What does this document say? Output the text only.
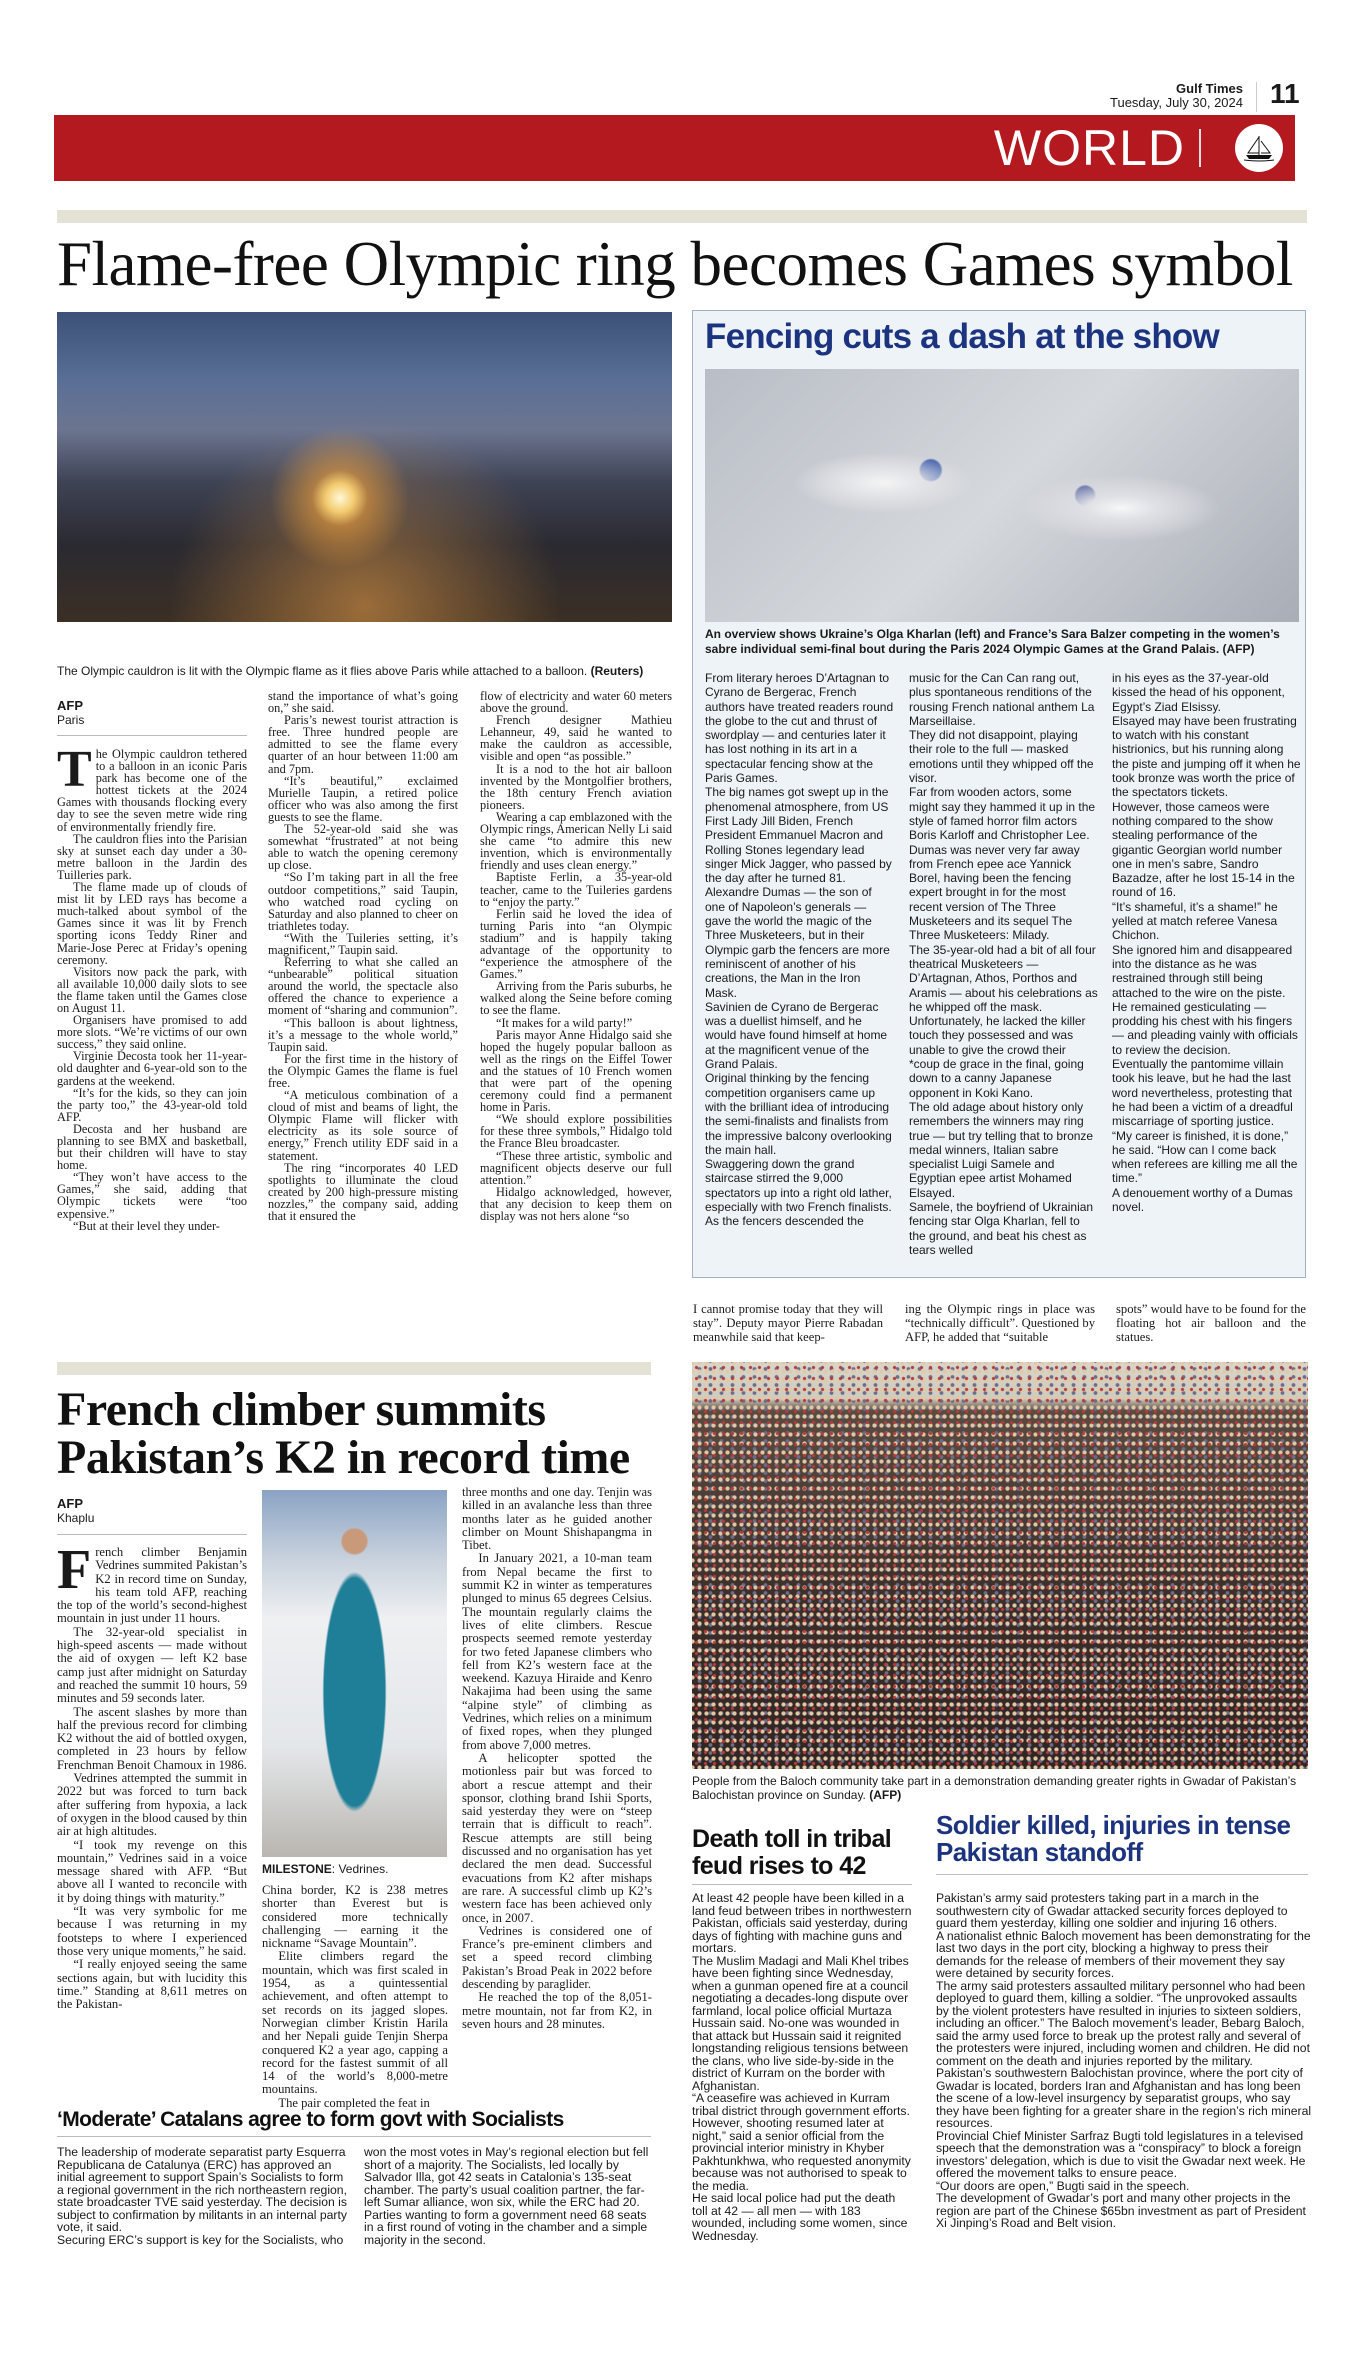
Gulf Times
Tuesday, July 30, 2024 11
WORLD
Flame-free Olympic ring becomes Games symbol
The Olympic cauldron is lit with the Olympic flame as it flies above Paris while attached to a balloon. (Reuters)
AFP
Paris

The Olympic cauldron tethered to a balloon in an iconic Paris park has become one of the hottest tickets at the 2024 Games with thousands flocking every day to see the seven metre wide ring of environmentally friendly fire.

The cauldron flies into the Parisian sky at sunset each day under a 30-metre balloon in the Jardin des Tuilleries park.

The flame made up of clouds of mist lit by LED rays has become a much-talked about symbol of the Games since it was lit by French sporting icons Teddy Riner and Marie-Jose Perec at Friday’s opening ceremony.

Visitors now pack the park, with all available 10,000 daily slots to see the flame taken until the Games close on August 11.

Organisers have promised to add more slots. “We’re victims of our own success,” they said online.

Virginie Decosta took her 11-year-old daughter and 6-year-old son to the gardens at the weekend.

“It’s for the kids, so they can join the party too,” the 43-year-old told AFP.

Decosta and her husband are planning to see BMX and basketball, but their children will have to stay home.

“They won’t have access to the Games,” she said, adding that Olympic tickets were “too expensive.”

“But at their level they under-

stand the importance of what’s going on,” she said.

Paris’s newest tourist attraction is free. Three hundred people are admitted to see the flame every quarter of an hour between 11:00 am and 7pm.

“It’s beautiful,” exclaimed Murielle Taupin, a retired police officer who was also among the first guests to see the flame.

The 52-year-old said she was somewhat “frustrated” at not being able to watch the opening ceremony up close.

“So I’m taking part in all the free outdoor competitions,” said Taupin, who watched road cycling on Saturday and also planned to cheer on triathletes today.

“With the Tuileries setting, it’s magnificent,” Taupin said.

Referring to what she called an “unbearable” political situation around the world, the spectacle also offered the chance to experience a moment of “sharing and communion”.

“This balloon is about lightness, it’s a message to the whole world,” Taupin said.

For the first time in the history of the Olympic Games the flame is fuel free.

“A meticulous combination of a cloud of mist and beams of light, the Olympic Flame will flicker with electricity as its sole source of energy,” French utility EDF said in a statement.

The ring “incorporates 40 LED spotlights to illuminate the cloud created by 200 high-pressure misting nozzles,” the company said, adding that it ensured the

flow of electricity and water 60 meters above the ground.

French designer Mathieu Lehanneur, 49, said he wanted to make the cauldron as accessible, visible and open “as possible.”

It is a nod to the hot air balloon invented by the Montgolfier brothers, the 18th century French aviation pioneers.

Wearing a cap emblazoned with the Olympic rings, American Nelly Li said she came “to admire this new invention, which is environmentally friendly and uses clean energy.”

Baptiste Ferlin, a 35-year-old teacher, came to the Tuileries gardens to “enjoy the party.”

Ferlin said he loved the idea of turning Paris into “an Olympic stadium” and is happily taking advantage of the opportunity to “experience the atmosphere of the Games.”

Arriving from the Paris suburbs, he walked along the Seine before coming to see the flame.

“It makes for a wild party!”

Paris mayor Anne Hidalgo said she hoped the hugely popular balloon as well as the rings on the Eiffel Tower and the statues of 10 French women that were part of the opening ceremony could find a permanent home in Paris.

“We should explore possibilities for these three symbols,” Hidalgo told the France Bleu broadcaster.

“These three artistic, symbolic and magnificent objects deserve our full attention.”

Hidalgo acknowledged, however, that any decision to keep them on display was not hers alone “so

I cannot promise today that they will stay”. Deputy mayor Pierre Rabadan meanwhile said that keep-

ing the Olympic rings in place was “technically difficult”. Questioned by AFP, he added that “suitable

spots” would have to be found for the floating hot air balloon and the statues.

Fencing cuts a dash at the show
An overview shows Ukraine’s Olga Kharlan (left) and France’s Sara Balzer competing in the women’s sabre individual semi-final bout during the Paris 2024 Olympic Games at the Grand Palais. (AFP)

From literary heroes D’Artagnan to Cyrano de Bergerac, French authors have treated readers round the globe to the cut and thrust of swordplay — and centuries later it has lost nothing in its art in a spectacular fencing show at the Paris Games.

The big names got swept up in the phenomenal atmosphere, from US First Lady Jill Biden, French President Emmanuel Macron and Rolling Stones legendary lead singer Mick Jagger, who passed by the day after he turned 81.

Alexandre Dumas — the son of one of Napoleon’s generals — gave the world the magic of the Three Musketeers, but in their Olympic garb the fencers are more reminiscent of another of his creations, the Man in the Iron Mask.

Savinien de Cyrano de Bergerac was a duellist himself, and he would have found himself at home at the magnificent venue of the Grand Palais.

Original thinking by the fencing competition organisers came up with the brilliant idea of introducing the semi-finalists and finalists from the impressive balcony overlooking the main hall.

Swaggering down the grand staircase stirred the 9,000 spectators up into a right old lather, especially with two French finalists.

As the fencers descended the

music for the Can Can rang out, plus spontaneous renditions of the rousing French national anthem La Marseillaise.

They did not disappoint, playing their role to the full — masked emotions until they whipped off the visor.

Far from wooden actors, some might say they hammed it up in the style of famed horror film actors Boris Karloff and Christopher Lee.

Dumas was never very far away from French epee ace Yannick Borel, having been the fencing expert brought in for the most recent version of The Three Musketeers and its sequel The Three Musketeers: Milady.

The 35-year-old had a bit of all four theatrical Musketeers — D’Artagnan, Athos, Porthos and Aramis — about his celebrations as he whipped off the mask.

Unfortunately, he lacked the killer touch they possessed and was unable to give the crowd their *coup de grace in the final, going down to a canny Japanese opponent in Koki Kano.

The old adage about history only remembers the winners may ring true — but try telling that to bronze medal winners, Italian sabre specialist Luigi Samele and Egyptian epee artist Mohamed Elsayed.

Samele, the boyfriend of Ukrainian fencing star Olga Kharlan, fell to the ground, and beat his chest as tears welled

in his eyes as the 37-year-old kissed the head of his opponent, Egypt’s Ziad Elsissy.

Elsayed may have been frustrating to watch with his constant histrionics, but his running along the piste and jumping off it when he took bronze was worth the price of the spectators tickets.

However, those cameos were nothing compared to the show stealing performance of the gigantic Georgian world number one in men’s sabre, Sandro Bazadze, after he lost 15-14 in the round of 16.

“It’s shameful, it’s a shame!” he yelled at match referee Vanesa Chichon.

She ignored him and disappeared into the distance as he was restrained through still being attached to the wire on the piste.

He remained gesticulating — prodding his chest with his fingers — and pleading vainly with officials to review the decision.

Eventually the pantomime villain took his leave, but he had the last word nevertheless, protesting that he had been a victim of a dreadful miscarriage of sporting justice.

“My career is finished, it is done,” he said. “How can I come back when referees are killing me all the time.”

A denouement worthy of a Dumas novel.

French climber summits Pakistan’s K2 in record time
AFP
Khaplu

French climber Benjamin Vedrines summited Pakistan’s K2 in record time on Sunday, his team told AFP, reaching the top of the world’s second-highest mountain in just under 11 hours.

The 32-year-old specialist in high-speed ascents — made without the aid of oxygen — left K2 base camp just after midnight on Saturday and reached the summit 10 hours, 59 minutes and 59 seconds later.

The ascent slashes by more than half the previous record for climbing K2 without the aid of bottled oxygen, completed in 23 hours by fellow Frenchman Benoit Chamoux in 1986.

Vedrines attempted the summit in 2022 but was forced to turn back after suffering from hypoxia, a lack of oxygen in the blood caused by thin air at high altitudes.

“I took my revenge on this mountain,” Vedrines said in a voice message shared with AFP. “But above all I wanted to reconcile with it by doing things with maturity.”

“It was very symbolic for me because I was returning in my footsteps to where I experienced those very unique moments,” he said.

“I really enjoyed seeing the same sections again, but with lucidity this time.” Standing at 8,611 metres on the Pakistan-

MILESTONE: Vedrines.

China border, K2 is 238 metres shorter than Everest but is considered more technically challenging — earning it the nickname “Savage Mountain”.

Elite climbers regard the mountain, which was first scaled in 1954, as a quintessential achievement, and often attempt to set records on its jagged slopes. Norwegian climber Kristin Harila and her Nepali guide Tenjin Sherpa conquered K2 a year ago, capping a record for the fastest summit of all 14 of the world’s 8,000-metre mountains.

The pair completed the feat in

three months and one day. Tenjin was killed in an avalanche less than three months later as he guided another climber on Mount Shishapangma in Tibet.

In January 2021, a 10-man team from Nepal became the first to summit K2 in winter as temperatures plunged to minus 65 degrees Celsius. The mountain regularly claims the lives of elite climbers. Rescue prospects seemed remote yesterday for two feted Japanese climbers who fell from K2’s western face at the weekend. Kazuya Hiraide and Kenro Nakajima had been using the same “alpine style” of climbing as Vedrines, which relies on a minimum of fixed ropes, when they plunged from above 7,000 metres.

A helicopter spotted the motionless pair but was forced to abort a rescue attempt and their sponsor, clothing brand Ishii Sports, said yesterday they were on “steep terrain that is difficult to reach”. Rescue attempts are still being discussed and no organisation has yet declared the men dead. Successful evacuations from K2 after mishaps are rare. A successful climb up K2’s western face has been achieved only once, in 2007.

Vedrines is considered one of France’s pre-eminent climbers and set a speed record climbing Pakistan’s Broad Peak in 2022 before descending by paraglider.

He reached the top of the 8,051-metre mountain, not far from K2, in seven hours and 28 minutes.

People from the Baloch community take part in a demonstration demanding greater rights in Gwadar of Pakistan’s Balochistan province on Sunday. (AFP)
Death toll in tribal feud rises to 42

At least 42 people have been killed in a land feud between tribes in northwestern Pakistan, officials said yesterday, during days of fighting with machine guns and mortars.

The Muslim Madagi and Mali Khel tribes have been fighting since Wednesday, when a gunman opened fire at a council negotiating a decades-long dispute over farmland, local police official Murtaza Hussain said. No-one was wounded in that attack but Hussain said it reignited longstanding religious tensions between the clans, who live side-by-side in the district of Kurram on the border with Afghanistan.

“A ceasefire was achieved in Kurram tribal district through government efforts. However, shooting resumed later at night,” said a senior official from the provincial interior ministry in Khyber Pakhtunkhwa, who requested anonymity because was not authorised to speak to the media.

He said local police had put the death toll at 42 — all men — with 183 wounded, including some women, since Wednesday.

Soldier killed, injuries in tense Pakistan standoff

Pakistan’s army said protesters taking part in a march in the southwestern city of Gwadar attacked security forces deployed to guard them yesterday, killing one soldier and injuring 16 others.

A nationalist ethnic Baloch movement has been demonstrating for the last two days in the port city, blocking a highway to press their demands for the release of members of their movement they say were detained by security forces.

The army said protesters assaulted military personnel who had been deployed to guard them, killing a soldier. “The unprovoked assaults by the violent protesters have resulted in injuries to sixteen soldiers, including an officer.” The Baloch movement’s leader, Bebarg Baloch, said the army used force to break up the protest rally and several of the protesters were injured, including women and children. He did not comment on the death and injuries reported by the military.

Pakistan’s southwestern Balochistan province, where the port city of Gwadar is located, borders Iran and Afghanistan and has long been the scene of a low-level insurgency by separatist groups, who say they have been fighting for a greater share in the region’s rich mineral resources.

Provincial Chief Minister Sarfraz Bugti told legislatures in a televised speech that the demonstration was a “conspiracy” to block a foreign investors’ delegation, which is due to visit the Gwadar next week. He offered the movement talks to ensure peace.

“Our doors are open,” Bugti said in the speech.

The development of Gwadar’s port and many other projects in the region are part of the Chinese $65bn investment as part of President Xi Jinping’s Road and Belt vision.

‘Moderate’ Catalans agree to form govt with Socialists

The leadership of moderate separatist party Esquerra Republicana de Catalunya (ERC) has approved an initial agreement to support Spain’s Socialists to form a regional government in the rich northeastern region, state broadcaster TVE said yesterday. The decision is subject to confirmation by militants in an internal party vote, it said.

Securing ERC’s support is key for the Socialists, who

won the most votes in May’s regional election but fell short of a majority. The Socialists, led locally by Salvador Illa, got 42 seats in Catalonia’s 135-seat chamber. The party’s usual coalition partner, the far-left Sumar alliance, won six, while the ERC had 20. Parties wanting to form a government need 68 seats in a first round of voting in the chamber and a simple majority in the second.
